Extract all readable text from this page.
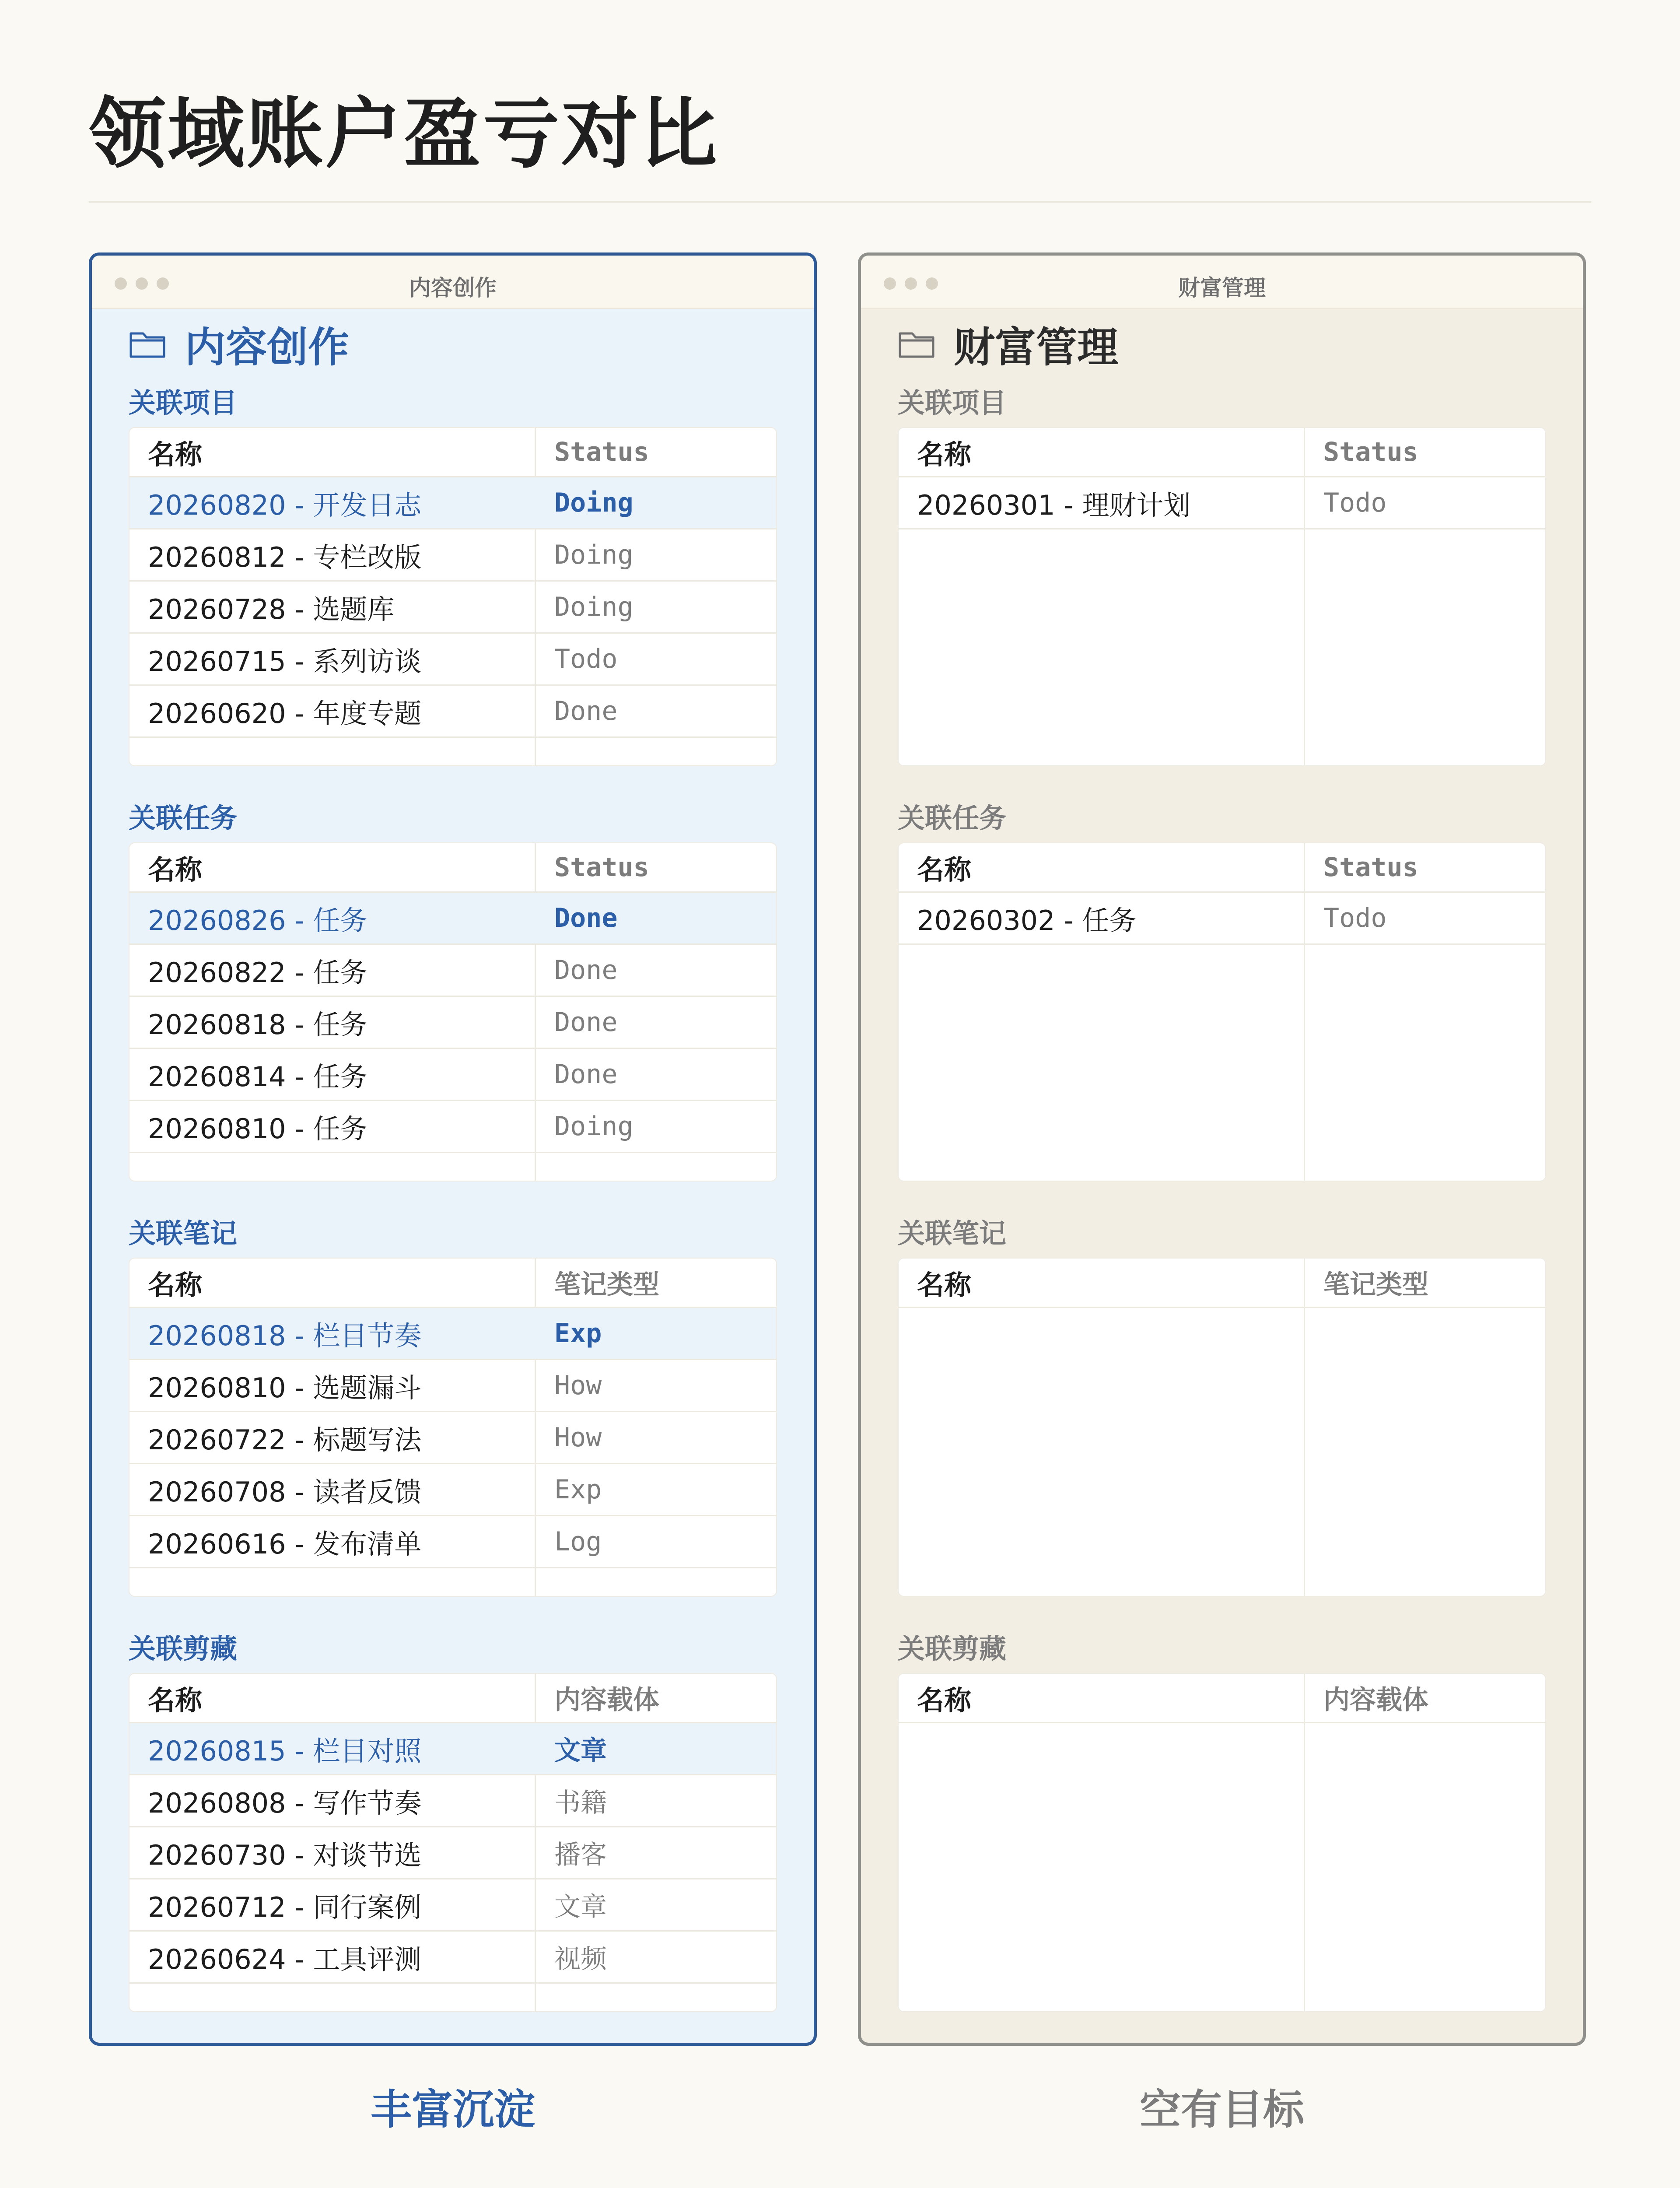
领域账户盈亏对比
内容创作
内容创作
关联项目
名称	Status
20260820 - 开发日志	Doing
20260812 - 专栏改版	Doing
20260728 - 选题库	Doing
20260715 - 系列访谈	Todo
20260620 - 年度专题	Done
关联任务
名称	Status
20260826 - 任务	Done
20260822 - 任务	Done
20260818 - 任务	Done
20260814 - 任务	Done
20260810 - 任务	Doing
关联笔记
名称	笔记类型
20260818 - 栏目节奏	Exp
20260810 - 选题漏斗	How
20260722 - 标题写法	How
20260708 - 读者反馈	Exp
20260616 - 发布清单	Log
关联剪藏
名称	内容载体
20260815 - 栏目对照	文章
20260808 - 写作节奏	书籍
20260730 - 对谈节选	播客
20260712 - 同行案例	文章
20260624 - 工具评测	视频
财富管理
财富管理
关联项目
名称	Status
20260301 - 理财计划	Todo
关联任务
名称	Status
20260302 - 任务	Todo
关联笔记
名称	笔记类型
关联剪藏
名称	内容载体
丰富沉淀	空有目标
